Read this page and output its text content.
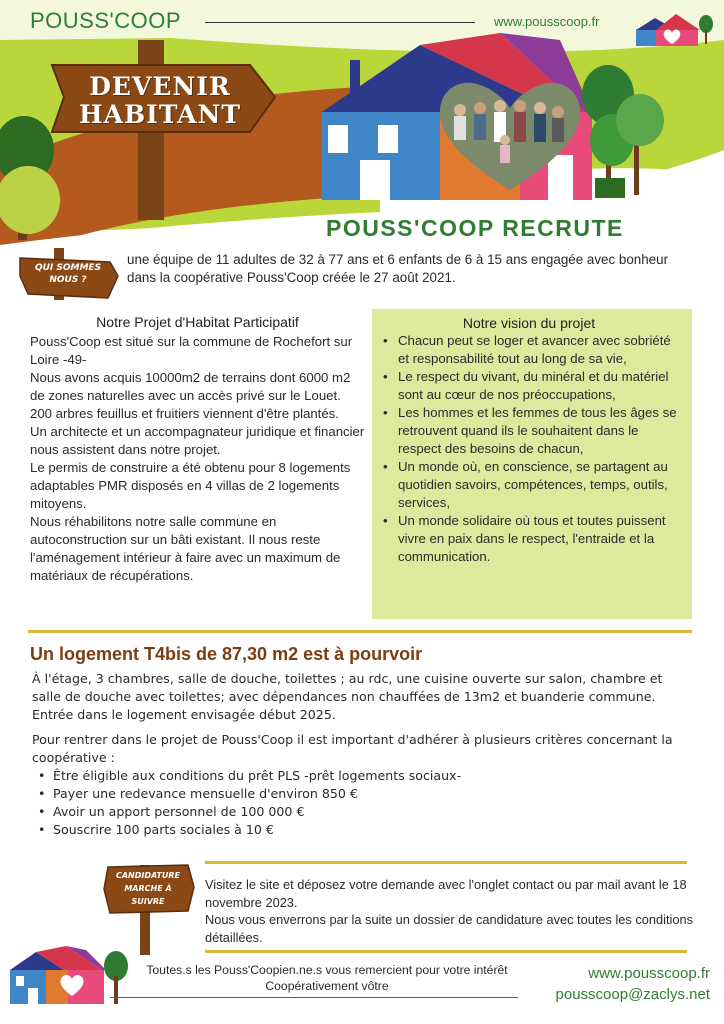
POUSS'COOP	www.pousscoop.fr
DEVENIR
HABITANT
POUSS'COOP RECRUTE
QUI SOMMES
NOUS ?

une équipe de 11 adultes de 32 à 77 ans et 6 enfants de 6 à 15 ans engagée avec bonheur dans la coopérative Pouss'Coop créée le 27 août 2021.

Notre Projet d'Habitat Participatif

Pouss'Coop est situé sur la commune de Rochefort sur Loire -49-

Nous avons acquis 10000m2 de terrains dont 6000 m2 de zones naturelles avec un accès privé sur le Louet. 200 arbres feuillus et fruitiers viennent d'être plantés.

Un architecte et un accompagnateur juridique et financier nous assistent dans notre projet.

Le permis de construire a été obtenu pour 8 logements adaptables PMR disposés en 4 villas de 2 logements mitoyens.

Nous réhabilitons notre salle commune en autoconstruction sur un bâti existant. Il nous reste l'aménagement intérieur à faire avec un maximum de matériaux de récupérations.

Notre vision du projet
• Chacun peut se loger et avancer avec sobriété et responsabilité tout au long de sa vie,
• Le respect du vivant, du minéral et du matériel sont au cœur de nos préoccupations,
• Les hommes et les femmes de tous les âges se retrouvent quand ils le souhaitent dans le respect des besoins de chacun,
• Un monde où, en conscience, se partagent au quotidien savoirs, compétences, temps, outils, services,
• Un monde solidaire où tous et toutes puissent vivre en paix dans le respect, l'entraide et la communication.
Un logement T4bis de 87,30 m2 est à pourvoir

À l'étage, 3 chambres, salle de douche, toilettes ; au rdc, une cuisine ouverte sur salon, chambre et salle de douche avec toilettes; avec dépendances non chauffées de 13m2 et buanderie commune. Entrée dans le logement envisagée début 2025.

Pour rentrer dans le projet de Pouss'Coop il est important d'adhérer à plusieurs critères concernant la coopérative :

• Être éligible aux conditions du prêt PLS -prêt logements sociaux-
• Payer une redevance mensuelle d'environ 850 €
• Avoir un apport personnel de 100 000 €
• Souscrire 100 parts sociales à 10 €
CANDIDATURE
MARCHE À
SUIVRE

Visitez le site et déposez votre demande avec l'onglet contact ou par mail avant le 18 novembre 2023.

Nous vous enverrons par la suite un dossier de candidature avec toutes les conditions détaillées.

Toutes.s les Pouss'Coopien.ne.s vous remercient pour votre intérêt
Coopérativement vôtre
www.pousscoop.fr
pousscoop@zaclys.net
